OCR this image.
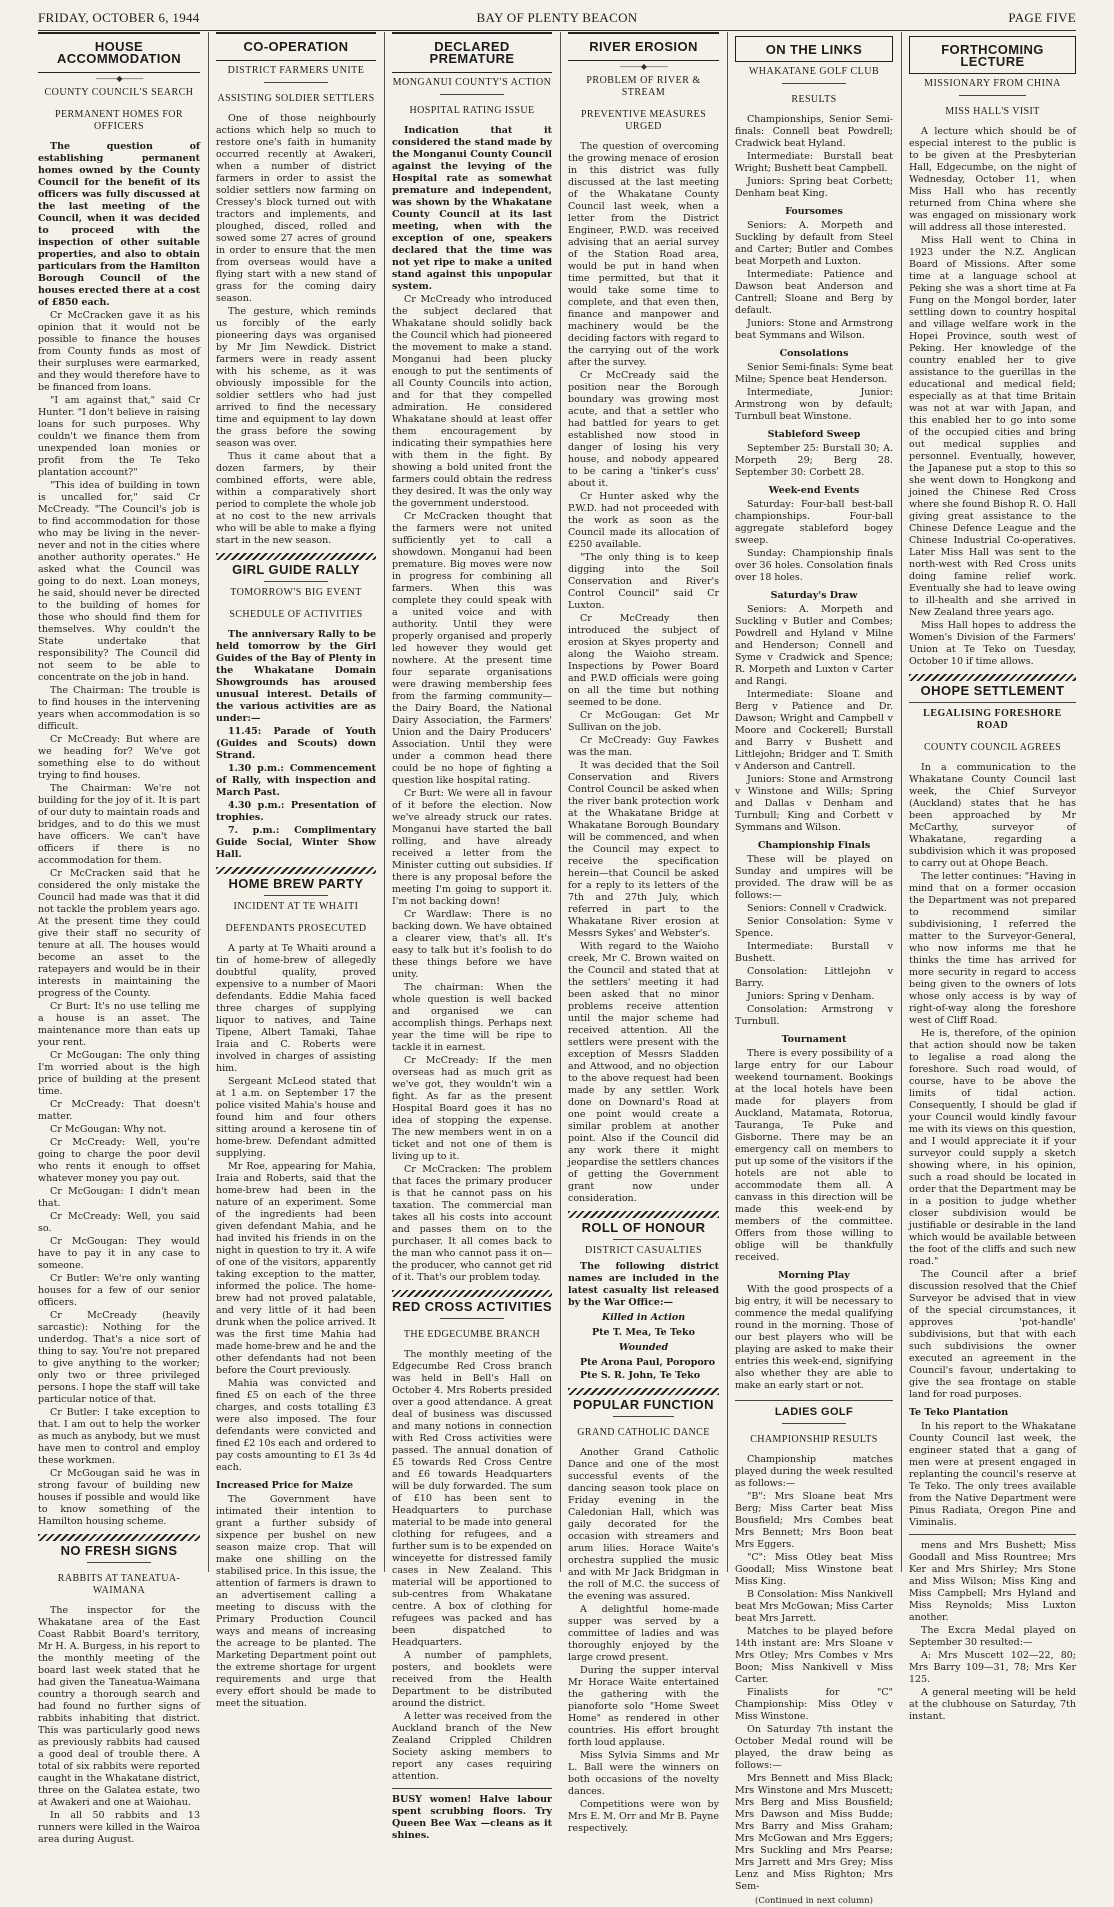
FRIDAY, OCTOBER 6, 1944	BAY OF PLENTY BEACON	PAGE FIVE
HOUSE ACCOMMODATION
———◆———
COUNTY COUNCIL'S SEARCH
PERMANENT HOMES FOR OFFICERS

The question of establishing permanent homes owned by the County Council for the benefit of its officers was fully discussed at the last meeting of the Council, when it was decided to proceed with the inspection of other suitable properties, and also to obtain particulars from the Hamilton Borough Council of the houses erected there at a cost of £850 each.

Cr McCracken gave it as his opinion that it would not be possible to finance the houses from County funds as most of their surpluses were earmarked, and they would therefore have to be financed from loans.

"I am against that," said Cr Hunter. "I don't believe in raising loans for such purposes. Why couldn't we finance them from unexpended loan monies or profit from the Te Teko plantation account?"

"This idea of building in town is uncalled for," said Cr McCready. "The Council's job is to find accommodation for those who may be living in the never-never and not in the cities where another authority operates." He asked what the Council was going to do next. Loan moneys, he said, should never be directed to the building of homes for those who should find them for themselves. Why couldn't the State undertake that responsibility? The Council did not seem to be able to concentrate on the job in hand.

The Chairman: The trouble is to find houses in the intervening years when accommodation is so difficult.

Cr McCready: But where are we heading for? We've got something else to do without trying to find houses.

The Chairman: We're not building for the joy of it. It is part of our duty to maintain roads and bridges, and to do this we must have officers. We can't have officers if there is no accommodation for them.

Cr McCracken said that he considered the only mistake the Council had made was that it did not tackle the problem years ago. At the present time they could give their staff no security of tenure at all. The houses would become an asset to the ratepayers and would be in their interests in maintaining the progress of the County.

Cr Burt: It's no use telling me a house is an asset. The maintenance more than eats up your rent.

Cr McGougan: The only thing I'm worried about is the high price of building at the present time.

Cr McCready: That doesn't matter.

Cr McGougan: Why not.

Cr McCready: Well, you're going to charge the poor devil who rents it enough to offset whatever money you pay out.

Cr McGougan: I didn't mean that.

Cr McCready: Well, you said so.

Cr McGougan: They would have to pay it in any case to someone.

Cr Butler: We're only wanting houses for a few of our senior officers.

Cr McCready (heavily sarcastic): Nothing for the underdog. That's a nice sort of thing to say. You're not prepared to give anything to the worker; only two or three privileged persons. I hope the staff will take particular notice of that.

Cr Butler: I take exception to that. I am out to help the worker as much as anybody, but we must have men to control and employ these workmen.

Cr McGougan said he was in strong favour of building new houses if possible and would like to know something of the Hamilton housing scheme.

NO FRESH SIGNS
RABBITS AT TANEATUA-WAIMANA

The inspector for the Whakatane area of the East Coast Rabbit Board's territory, Mr H. A. Burgess, in his report to the monthly meeting of the board last week stated that he had given the Taneatua-Waimana country a thorough search and had found no further signs of rabbits inhabiting that district. This was particularly good news as previously rabbits had caused a good deal of trouble there. A total of six rabbits were reported caught in the Whakatane district, three on the Galatea estate, two at Awakeri and one at Waiohau.

In all 50 rabbits and 13 runners were killed in the Wairoa area during August.

CO-OPERATION
DISTRICT FARMERS UNITE
ASSISTING SOLDIER SETTLERS

One of those neighbourly actions which help so much to restore one's faith in humanity occurred recently at Awakeri, when a number of district farmers in order to assist the soldier settlers now farming on Cressey's block turned out with tractors and implements, and ploughed, disced, rolled and sowed some 27 acres of ground in order to ensure that the men from overseas would have a flying start with a new stand of grass for the coming dairy season.

The gesture, which reminds us forcibly of the early pioneering days was organised by Mr Jim Newdick. District farmers were in ready assent with his scheme, as it was obviously impossible for the soldier settlers who had just arrived to find the necessary time and equipment to lay down the grass before the sowing season was over.

Thus it came about that a dozen farmers, by their combined efforts, were able, within a comparatively short period to complete the whole job at no cost to the new arrivals who will be able to make a flying start in the new season.

GIRL GUIDE RALLY
TOMORROW'S BIG EVENT
SCHEDULE OF ACTIVITIES

The anniversary Rally to be held tomorrow by the Girl Guides of the Bay of Plenty in the Whakatane Domain Showgrounds has aroused unusual interest. Details of the various activities are as under:—

11.45: Parade of Youth (Guides and Scouts) down Strand.

1.30 p.m.: Commencement of Rally, with inspection and March Past.

4.30 p.m.: Presentation of trophies.

7. p.m.: Complimentary Guide Social, Winter Show Hall.

HOME BREW PARTY
INCIDENT AT TE WHAITI
DEFENDANTS PROSECUTED

A party at Te Whaiti around a tin of home-brew of allegedly doubtful quality, proved expensive to a number of Maori defendants. Eddie Mahia faced three charges of supplying liquor to natives, and Taine Tipene, Albert Tamaki, Tahae Iraia and C. Roberts were involved in charges of assisting him.

Sergeant McLeod stated that at 1 a.m. on September 17 the police visited Mahia's house and found him and four others sitting around a kerosene tin of home-brew. Defendant admitted supplying.

Mr Roe, appearing for Mahia, Iraia and Roberts, said that the home-brew had been in the nature of an experiment. Some of the ingredients had been given defendant Mahia, and he had invited his friends in on the night in question to try it. A wife of one of the visitors, apparently taking exception to the matter, informed the police. The home-brew had not proved palatable, and very little of it had been drunk when the police arrived. It was the first time Mahia had made home-brew and he and the other defendants had not been before the Court previously.

Mahia was convicted and fined £5 on each of the three charges, and costs totalling £3 were also imposed. The four defendants were convicted and fined £2 10s each and ordered to pay costs amounting to £1 3s 4d each.

Increased Price for Maize

The Government have intimated their intention to grant a further subsidy of sixpence per bushel on new season maize crop. That will make one shilling on the stabilised price. In this issue, the attention of farmers is drawn to an advertisement calling a meeting to discuss with the Primary Production Council ways and means of increasing the acreage to be planted. The Marketing Department point out the extreme shortage for urgent requirements and urge that every effort should be made to meet the situation.

DECLARED PREMATURE
MONGANUI COUNTY'S ACTION
HOSPITAL RATING ISSUE

Indication that it considered the stand made by the Monganui County Council against the levying of the Hospital rate as somewhat premature and independent, was shown by the Whakatane County Council at its last meeting, when with the exception of one, speakers declared that the time was not yet ripe to make a united stand against this unpopular system.

Cr McCready who introduced the subject declared that Whakatane should solidly back the Council which had pioneered the movement to make a stand. Monganui had been plucky enough to put the sentiments of all County Councils into action, and for that they compelled admiration. He considered Whakatane should at least offer them encouragement by indicating their sympathies here with them in the fight. By showing a bold united front the farmers could obtain the redress they desired. It was the only way the government understood.

Cr McCracken thought that the farmers were not united sufficiently yet to call a showdown. Monganui had been premature. Big moves were now in progress for combining all farmers. When this was complete they could speak with a united voice and with authority. Until they were properly organised and properly led however they would get nowhere. At the present time four separate organisations were drawing membership fees from the farming community—the Dairy Board, the National Dairy Association, the Farmers' Union and the Dairy Producers' Association. Until they were under a common head there could be no hope of fighting a question like hospital rating.

Cr Burt: We were all in favour of it before the election. Now we've already struck our rates. Monganui have started the ball rolling, and have already received a letter from the Minister cutting out subsidies. If there is any proposal before the meeting I'm going to support it. I'm not backing down!

Cr Wardlaw: There is no backing down. We have obtained a clearer view, that's all. It's easy to talk but it's foolish to do these things before we have unity.

The chairman: When the whole question is well backed and organised we can accomplish things. Perhaps next year the time will be ripe to tackle it in earnest.

Cr McCready: If the men overseas had as much grit as we've got, they wouldn't win a fight. As far as the present Hospital Board goes it has no idea of stopping the expense. The new members went in on a ticket and not one of them is living up to it.

Cr McCracken: The problem that faces the primary producer is that he cannot pass on his taxation. The commercial man takes all his costs into account and passes them on to the purchaser. It all comes back to the man who cannot pass it on—the producer, who cannot get rid of it. That's our problem today.

RED CROSS ACTIVITIES
THE EDGECUMBE BRANCH

The monthly meeting of the Edgecumbe Red Cross branch was held in Bell's Hall on October 4. Mrs Roberts presided over a good attendance. A great deal of business was discussed and many notions in connection with Red Cross activities were passed. The annual donation of £5 towards Red Cross Centre and £6 towards Headquarters will be duly forwarded. The sum of £10 has been sent to Headquarters to purchase material to be made into general clothing for refugees, and a further sum is to be expended on winceyette for distressed family cases in New Zealand. This material will be apportioned to sub-centres from Whakatane centre. A box of clothing for refugees was packed and has been dispatched to Headquarters.

A number of pamphlets, posters, and booklets were received from the Health Department to be distributed around the district.

A letter was received from the Auckland branch of the New Zealand Crippled Children Society asking members to report any cases requiring attention.

BUSY women! Halve labour spent scrubbing floors. Try Queen Bee Wax —cleans as it shines.

RIVER EROSION
———◆———
PROBLEM OF RIVER & STREAM
PREVENTIVE MEASURES URGED

The question of overcoming the growing menace of erosion in this district was fully discussed at the last meeting of the Whakatane County Council last week, when a letter from the District Engineer, P.W.D. was received advising that an aerial survey of the Station Road area, would be put in hand when time permitted, but that it would take some time to complete, and that even then, finance and manpower and machinery would be the deciding factors with regard to the carrying out of the work after the survey.

Cr McCready said the position near the Borough boundary was growing most acute, and that a settler who had battled for years to get established now stood in danger of losing his very house, and nobody appeared to be caring a 'tinker's cuss' about it.

Cr Hunter asked why the P.W.D. had not proceeded with the work as soon as the Council made its allocation of £250 available.

"The only thing is to keep digging into the Soil Conservation and River's Control Council" said Cr Luxton.

Cr McCready then introduced the subject of erosion at Skyes property and along the Waioho stream. Inspections by Power Board and P.W.D officials were going on all the time but nothing seemed to be done.

Cr McGougan: Get Mr Sullivan on the job.

Cr McCready: Guy Fawkes was the man.

It was decided that the Soil Conservation and Rivers Control Council be asked when the river bank protection work at the Whakatane Bridge at Whakatane Borough Boundary will be commenced, and when the Council may expect to receive the specification herein—that Council be asked for a reply to its letters of the 7th and 27th July, which referred in part to the Whakatane River erosion at Messrs Sykes' and Webster's.

With regard to the Waioho creek, Mr C. Brown waited on the Council and stated that at the settlers' meeting it had been asked that no minor problems receive attention until the major scheme had received attention. All the settlers were present with the exception of Messrs Sladden and Attwood, and no objection to the above request had been made by any settler. Work done on Downard's Road at one point would create a similar problem at another point. Also if the Council did any work there it might jeopardise the settlers chances of getting the Government grant now under consideration.

ROLL OF HONOUR
DISTRICT CASUALTIES

The following district names are included in the latest casualty list released by the War Office:—

Killed in Action
Pte T. Mea, Te Teko
Wounded

Pte Arona Paul, Poroporo

Pte S. R. John, Te Teko

POPULAR FUNCTION
GRAND CATHOLIC DANCE

Another Grand Catholic Dance and one of the most successful events of the dancing season took place on Friday evening in the Caledonian Hall, which was gaily decorated for the occasion with streamers and arum lilies. Horace Waite's orchestra supplied the music and with Mr Jack Bridgman in the roll of M.C. the success of the evening was assured.

A delightful home-made supper was served by a committee of ladies and was thoroughly enjoyed by the large crowd present.

During the supper interval Mr Horace Waite entertained the gathering with the pianoforte solo "Home Sweet Home" as rendered in other countries. His effort brought forth loud applause.

Miss Sylvia Simms and Mr L. Ball were the winners on both occasions of the novelty dances.

Competitions were won by Mrs E. M. Orr and Mr B. Payne respectively.

ON THE LINKS
WHAKATANE GOLF CLUB
RESULTS

Championships, Senior Semi-finals: Connell beat Powdrell; Cradwick beat Hyland.

Intermediate: Burstall beat Wright; Bushett beat Campbell.

Juniors: Spring beat Corbett; Denham beat King.

Foursomes

Seniors: A. Morpeth and Suckling by default from Steel and Carter; Butler and Combes beat Morpeth and Luxton.

Intermediate: Patience and Dawson beat Anderson and Cantrell; Sloane and Berg by default.

Juniors: Stone and Armstrong beat Symmans and Wilson.

Consolations

Senior Semi-finals: Syme beat Milne; Spence beat Henderson.

Intermediate, Junior: Armstrong won by default; Turnbull beat Winstone.

Stableford Sweep

September 25: Burstall 30; A. Morpeth 29; Berg 28. September 30: Corbett 28.

Week-end Events

Saturday: Four-ball best-ball championships. Four-ball aggregate stableford bogey sweep.

Sunday: Championship finals over 36 holes. Consolation finals over 18 holes.

Saturday's Draw

Seniors: A. Morpeth and Suckling v Butler and Combes; Powdrell and Hyland v Milne and Henderson; Connell and Syme v Cradwick and Spence; R. Morpeth and Luxton v Carter and Rangi.

Intermediate: Sloane and Berg v Patience and Dr. Dawson; Wright and Campbell v Moore and Cockerell; Burstall and Barry v Bushett and Littlejohn; Bridger and T. Smith v Anderson and Cantrell.

Juniors: Stone and Armstrong v Winstone and Wills; Spring and Dallas v Denham and Turnbull; King and Corbett v Symmans and Wilson.

Championship Finals

These will be played on Sunday and umpires will be provided. The draw will be as follows:—

Seniors: Connell v Cradwick.

Senior Consolation: Syme v Spence.

Intermediate: Burstall v Bushett.

Consolation: Littlejohn v Barry.

Juniors: Spring v Denham.

Consolation: Armstrong v Turnbull.

Tournament

There is every possibility of a large entry for our Labour weekend tournament. Bookings at the local hotels have been made for players from Auckland, Matamata, Rotorua, Tauranga, Te Puke and Gisborne. There may be an emergency call on members to put up some of the visitors if the hotels are not able to accommodate them all. A canvass in this direction will be made this week-end by members of the committee. Offers from those willing to oblige will be thankfully received.

Morning Play

With the good prospects of a big entry, it will be necessary to commence the medal qualifying round in the morning. Those of our best players who will be playing are asked to make their entries this week-end, signifying also whether they are able to make an early start or not.

LADIES GOLF
CHAMPIONSHIP RESULTS

Championship matches played during the week resulted as follows:—

"B": Mrs Sloane beat Mrs Berg; Miss Carter beat Miss Bousfield; Mrs Combes beat Mrs Bennett; Mrs Boon beat Mrs Eggers.

"C": Miss Otley beat Miss Goodall; Miss Winstone beat Miss King.

B Consolation: Miss Nankivell beat Mrs McGowan; Miss Carter beat Mrs Jarrett.

Matches to be played before 14th instant are: Mrs Sloane v Mrs Otley; Mrs Combes v Mrs Boon; Miss Nankivell v Miss Carter.

Finalists for "C" Championship: Miss Otley v Miss Winstone.

On Saturday 7th instant the October Medal round will be played, the draw being as follows:—

Mrs Bennett and Miss Black; Mrs Winstone and Mrs Muscett; Mrs Berg and Miss Bousfield; Mrs Dawson and Miss Budde; Mrs Barry and Miss Graham; Mrs McGowan and Mrs Eggers; Mrs Suckling and Mrs Pearse; Mrs Jarrett and Mrs Grey; Miss Lenz and Miss Righton; Mrs Sem-

(Continued in next column)
FORTHCOMING LECTURE
MISSIONARY FROM CHINA
MISS HALL'S VISIT

A lecture which should be of especial interest to the public is to be given at the Presbyterian Hall, Edgecumbe, on the night of Wednesday, October 11, when Miss Hall who has recently returned from China where she was engaged on missionary work will address all those interested.

Miss Hall went to China in 1923 under the N.Z. Anglican Board of Missions. After some time at a language school at Peking she was a short time at Fa Fung on the Mongol border, later settling down to country hospital and village welfare work in the Hopei Province, south west of Peking. Her knowledge of the country enabled her to give assistance to the guerillas in the educational and medical field; especially as at that time Britain was not at war with Japan, and this enabled her to go into some of the occupied cities and bring out medical supplies and personnel. Eventually, however, the Japanese put a stop to this so she went down to Hongkong and joined the Chinese Red Cross where she found Bishop R. O. Hall giving great assistance to the Chinese Defence League and the Chinese Industrial Co-operatives. Later Miss Hall was sent to the north-west with Red Cross units doing famine relief work. Eventually she had to leave owing to ill-health and she arrived in New Zealand three years ago.

Miss Hall hopes to address the Women's Division of the Farmers' Union at Te Teko on Tuesday, October 10 if time allows.

OHOPE SETTLEMENT
LEGALISING FORESHORE ROAD
COUNTY COUNCIL AGREES

In a communication to the Whakatane County Council last week, the Chief Surveyor (Auckland) states that he has been approached by Mr McCarthy, surveyor of Whakatane, regarding a subdivision which it was proposed to carry out at Ohope Beach.

The letter continues: "Having in mind that on a former occasion the Department was not prepared to recommend similar subdivisioning, I referred the matter to the Surveyor-General, who now informs me that he thinks the time has arrived for more security in regard to access being given to the owners of lots whose only access is by way of right-of-way along the foreshore west of Cliff Road.

He is, therefore, of the opinion that action should now be taken to legalise a road along the foreshore. Such road would, of course, have to be above the limits of tidal action. Consequently, I should be glad if your Council would kindly favour me with its views on this question, and I would appreciate it if your surveyor could supply a sketch showing where, in his opinion, such a road should be located in order that the Department may be in a position to judge whether closer subdivision would be justifiable or desirable in the land which would be available between the foot of the cliffs and such new road."

The Council after a brief discussion resolved that the Chief Surveyor be advised that in view of the special circumstances, it approves 'pot-handle' subdivisions, but that with each such subdivisions the owner executed an agreement in the Council's favour, undertaking to give the sea frontage on stable land for road purposes.

Te Teko Plantation

In his report to the Whakatane County Council last week, the engineer stated that a gang of men were at present engaged in replanting the council's reserve at Te Teko. The only trees available from the Native Department were Pinus Radiata, Oregon Pine and Viminalis.

mens and Mrs Bushett; Miss Goodall and Miss Rountree; Mrs Ker and Mrs Shirley; Mrs Stone and Miss Wilson; Miss King and Miss Campbell; Mrs Hyland and Miss Reynolds; Miss Luxton another.

The Excra Medal played on September 30 resulted:—

A: Mrs Muscett 102—22, 80; Mrs Barry 109—31, 78; Mrs Ker 125.

A general meeting will be held at the clubhouse on Saturday, 7th instant.
